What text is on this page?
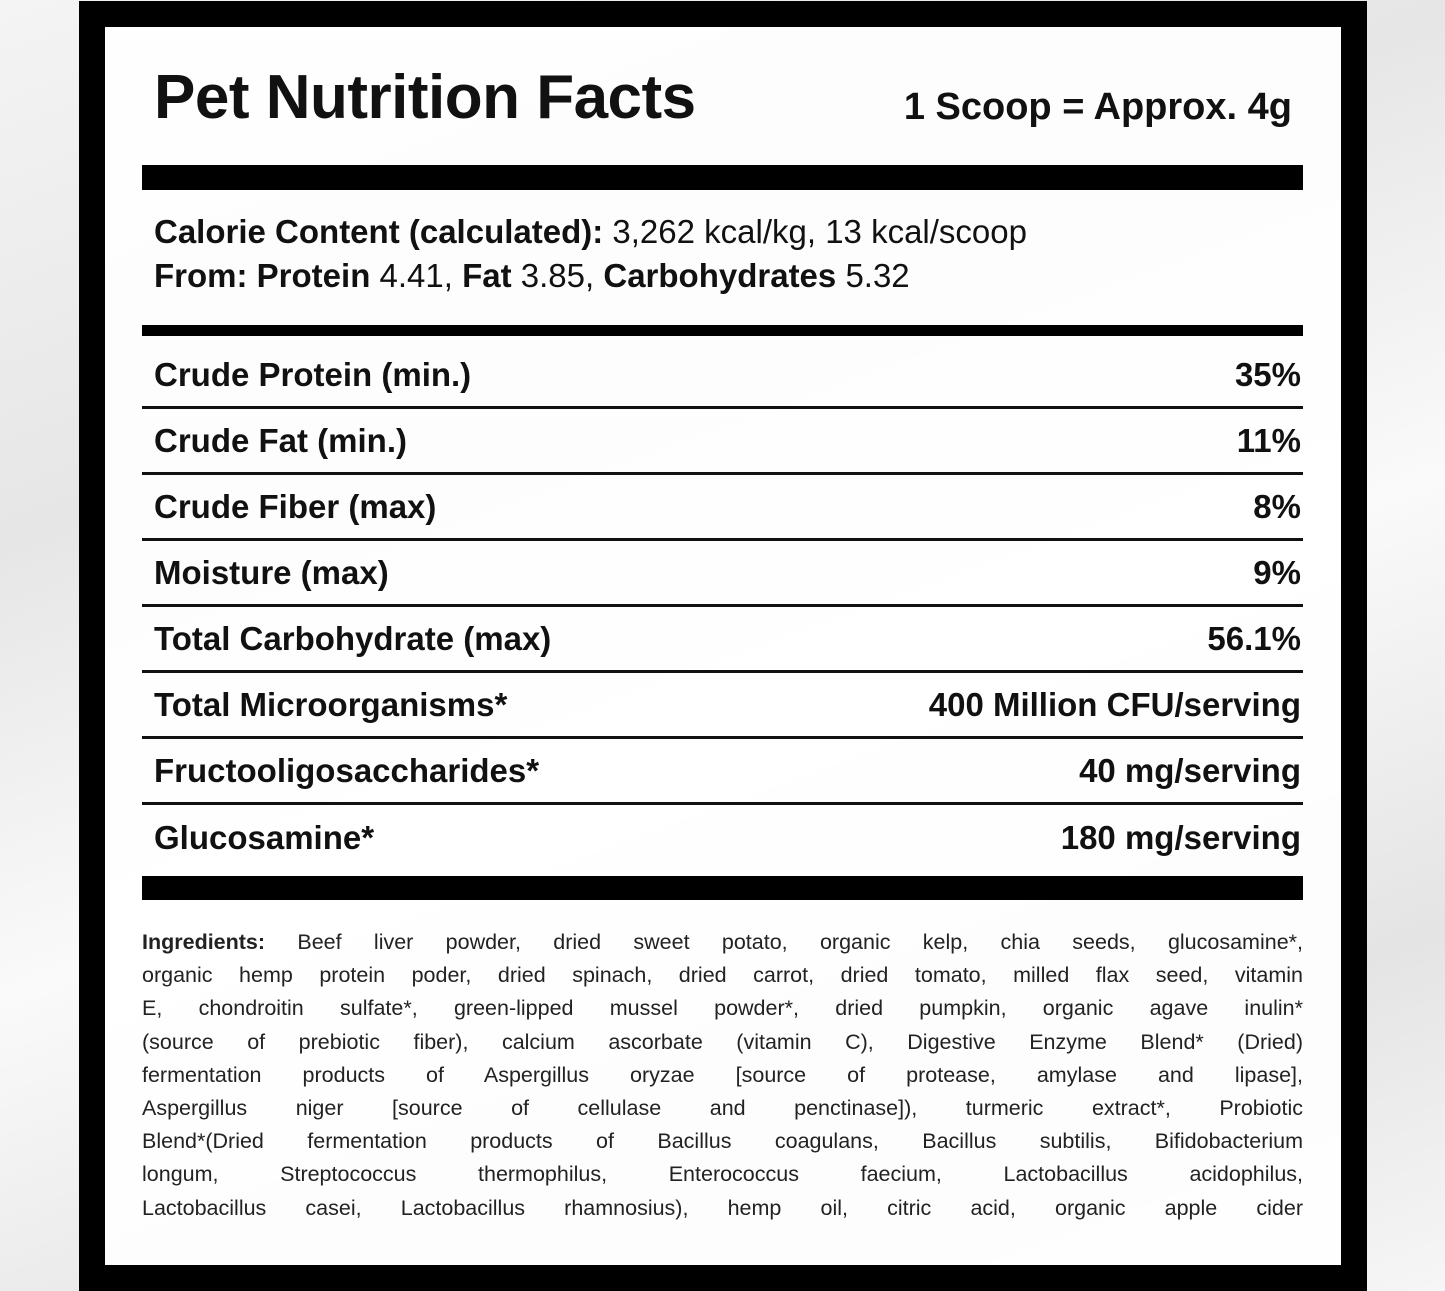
Pet Nutrition Facts	1 Scoop = Approx. 4g
Calorie Content (calculated): 3,262 kcal/kg, 13 kcal/scoop
From: Protein 4.41, Fat 3.85, Carbohydrates 5.32
Crude Protein (min.)	35%
Crude Fat (min.)	11%
Crude Fiber (max)	8%
Moisture (max)	9%
Total Carbohydrate (max)	56.1%
Total Microorganisms*	400 Million CFU/serving
Fructooligosaccharides*	40 mg/serving
Glucosamine*	180 mg/serving
Ingredients: Beef liver powder, dried sweet potato, organic kelp, chia seeds, glucosamine*,
organic hemp protein poder, dried spinach, dried carrot, dried tomato, milled flax seed, vitamin
E, chondroitin sulfate*, green-lipped mussel powder*, dried pumpkin, organic agave inulin*
(source of prebiotic fiber), calcium ascorbate (vitamin C), Digestive Enzyme Blend* (Dried)
fermentation products of Aspergillus oryzae [source of protease, amylase and lipase],
Aspergillus niger [source of cellulase and penctinase]), turmeric extract*, Probiotic
Blend*(Dried fermentation products of Bacillus coagulans, Bacillus subtilis, Bifidobacterium
longum, Streptococcus thermophilus, Enterococcus faecium, Lactobacillus acidophilus,
Lactobacillus casei, Lactobacillus rhamnosius), hemp oil, citric acid, organic apple cider
